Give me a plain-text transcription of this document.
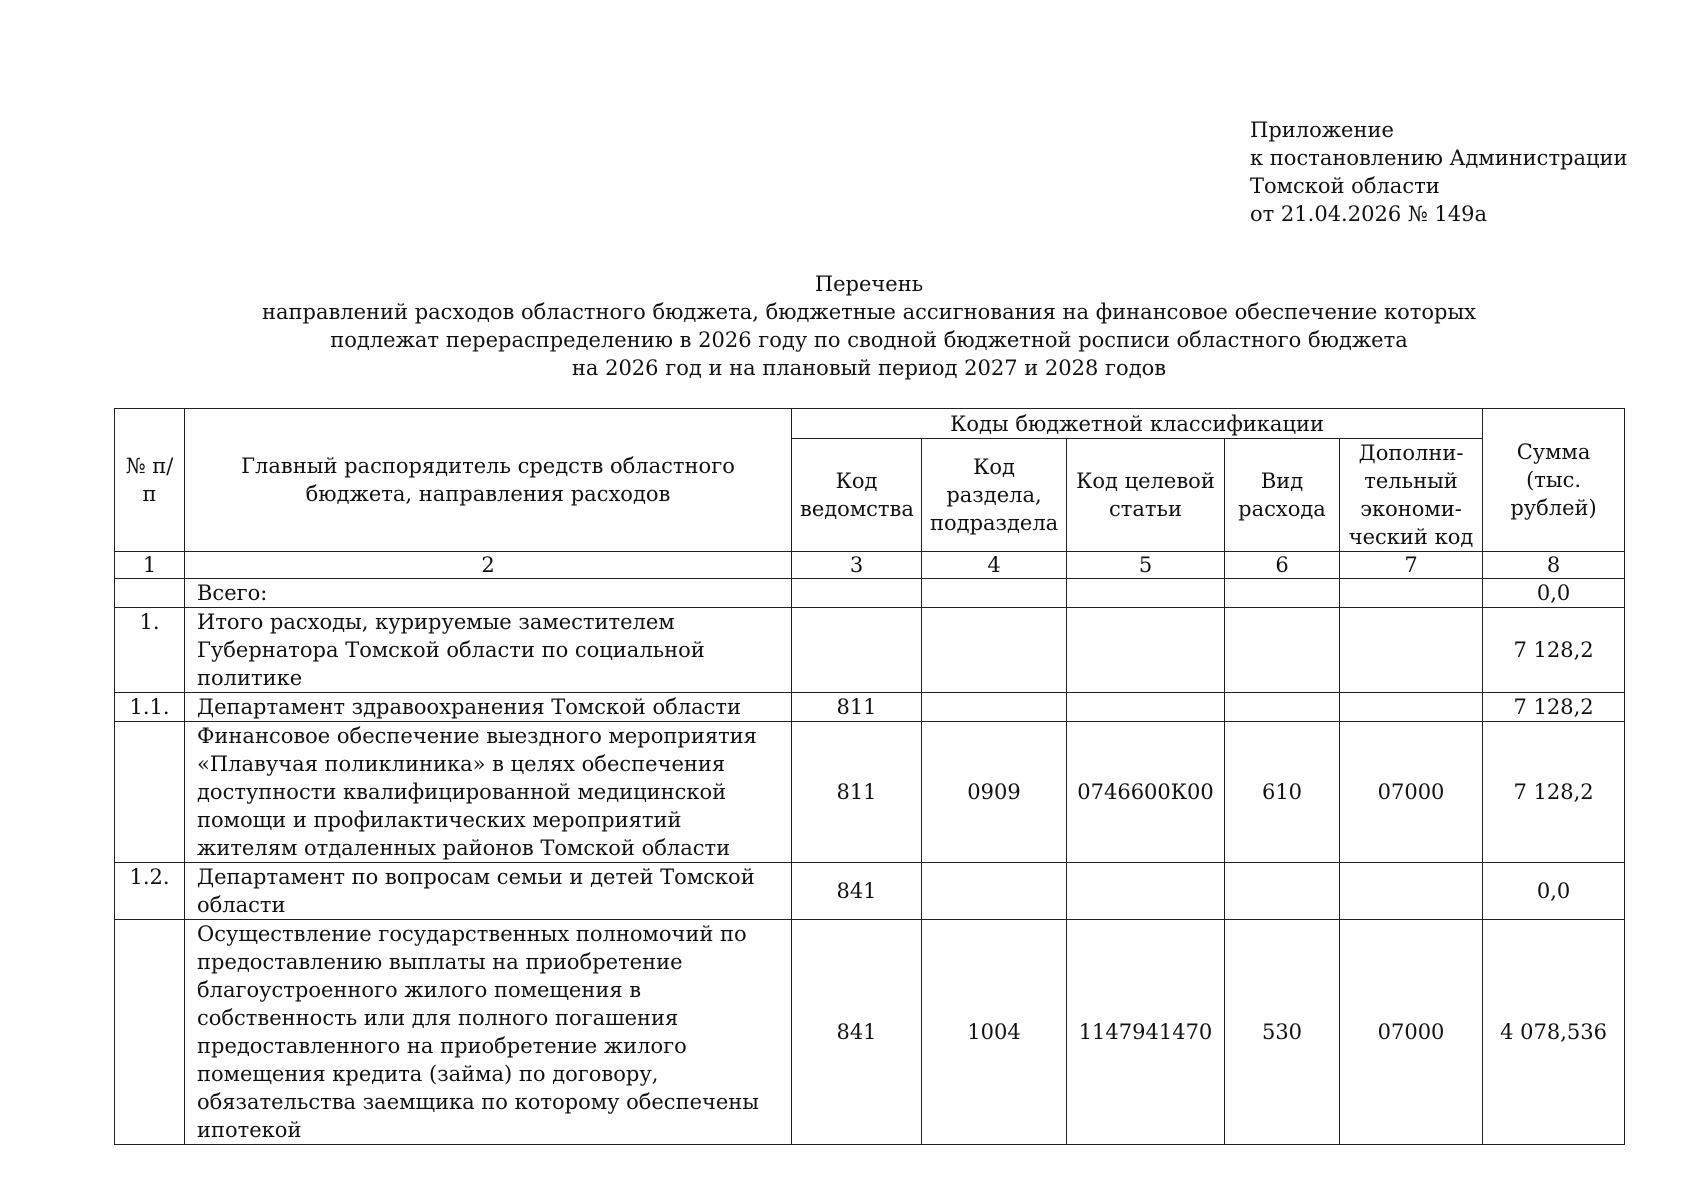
Приложение
к постановлению Администрации
Томской области
от 21.04.2026 № 149а
Перечень
направлений расходов областного бюджета, бюджетные ассигнования на финансовое обеспечение которых
подлежат перераспределению в 2026 году по сводной бюджетной росписи областного бюджета
на 2026 год и на плановый период 2027 и 2028 годов
№ п/п	Главный распорядитель средств областного бюджета, направления расходов	Коды бюджетной классификации					Сумма (тыс. рублей)
		Код ведомства	Код раздела, подраздела	Код целевой статьи	Вид расхода	Дополни-тельный экономи-ческий код	
1	2	3	4	5	6	7	8
	Всего:						0,0
1.	Итого расходы, курируемые заместителем Губернатора Томской области по социальной политике						7 128,2
1.1.	Департамент здравоохранения Томской области	811					7 128,2
	Финансовое обеспечение выездного мероприятия «Плавучая поликлиника» в целях обеспечения доступности квалифицированной медицинской помощи и профилактических мероприятий жителям отдаленных районов Томской области	811	0909	0746600К00	610	07000	7 128,2
1.2.	Департамент по вопросам семьи и детей Томской области	841					0,0
	Осуществление государственных полномочий по предоставлению выплаты на приобретение благоустроенного жилого помещения в собственность или для полного погашения предоставленного на приобретение жилого помещения кредита (займа) по договору, обязательства заемщика по которому обеспечены ипотекой	841	1004	1147941470	530	07000	4 078,536
